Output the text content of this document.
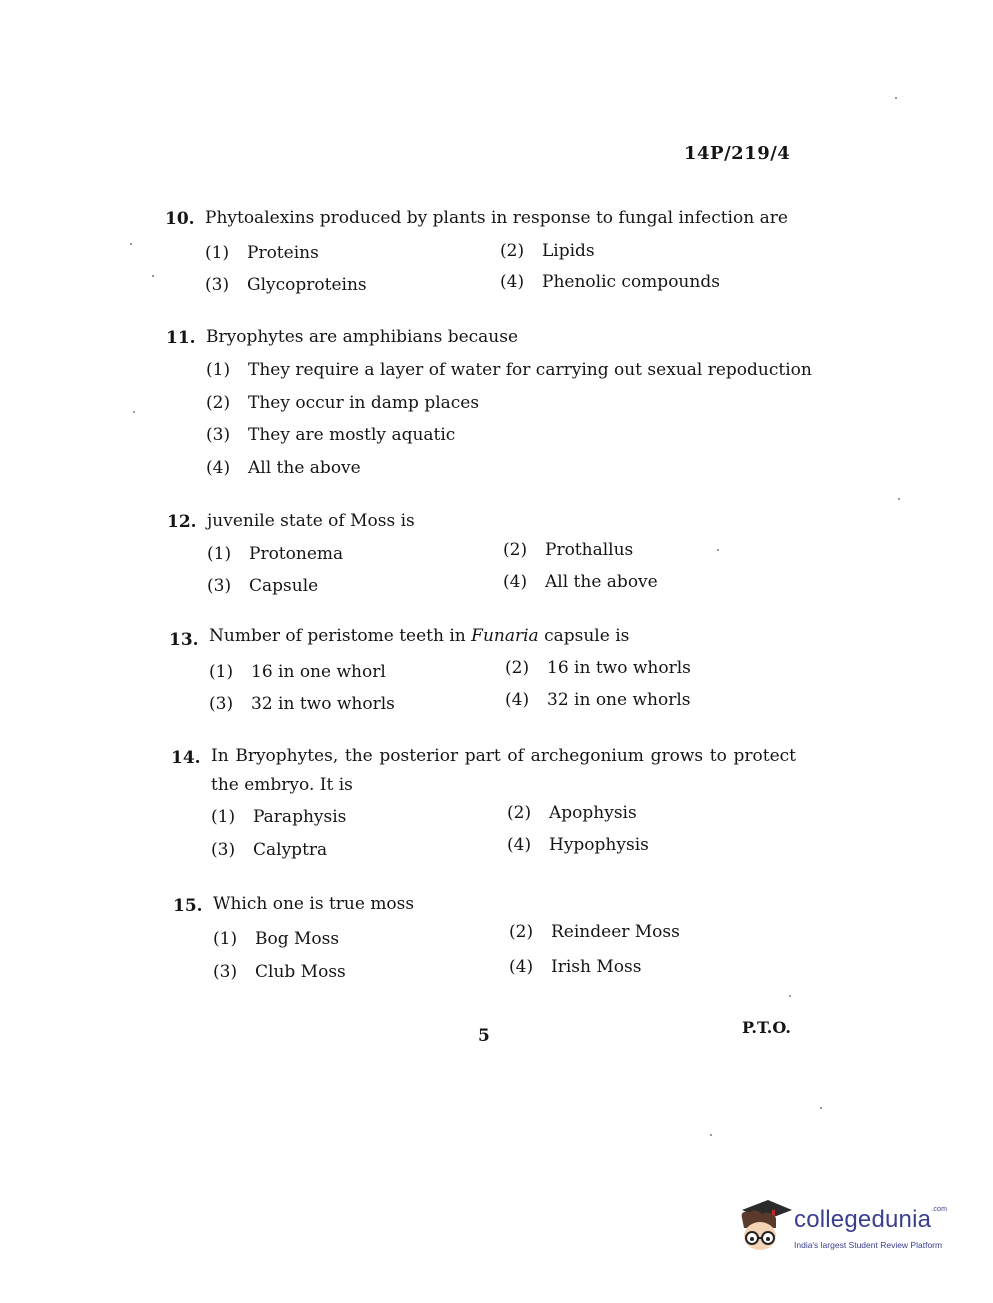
14P/219/4
10. Phytoalexins produced by plants in response to fungal infection are
(1) Proteins	(2) Lipids
(3) Glycoproteins	(4) Phenolic compounds
11. Bryophytes are amphibians because
(1) They require a layer of water for carrying out sexual repoduction
(2) They occur in damp places
(3) They are mostly aquatic
(4) All the above
12. juvenile state of Moss is
(1) Protonema	(2) Prothallus
(3) Capsule	(4) All the above
13. Number of peristome teeth in Funaria capsule is
(1) 16 in one whorl	(2) 16 in two whorls
(3) 32 in two whorls	(4) 32 in one whorls
14. In Bryophytes, the posterior part of archegonium grows to protect
the embryo. It is
(1) Paraphysis	(2) Apophysis
(3) Calyptra	(4) Hypophysis
15. Which one is true moss
(1) Bog Moss	(2) Reindeer Moss
(3) Club Moss	(4) Irish Moss
5	P.T.O.
collegedunia$^{.com}$
India's largest Student Review Platform
